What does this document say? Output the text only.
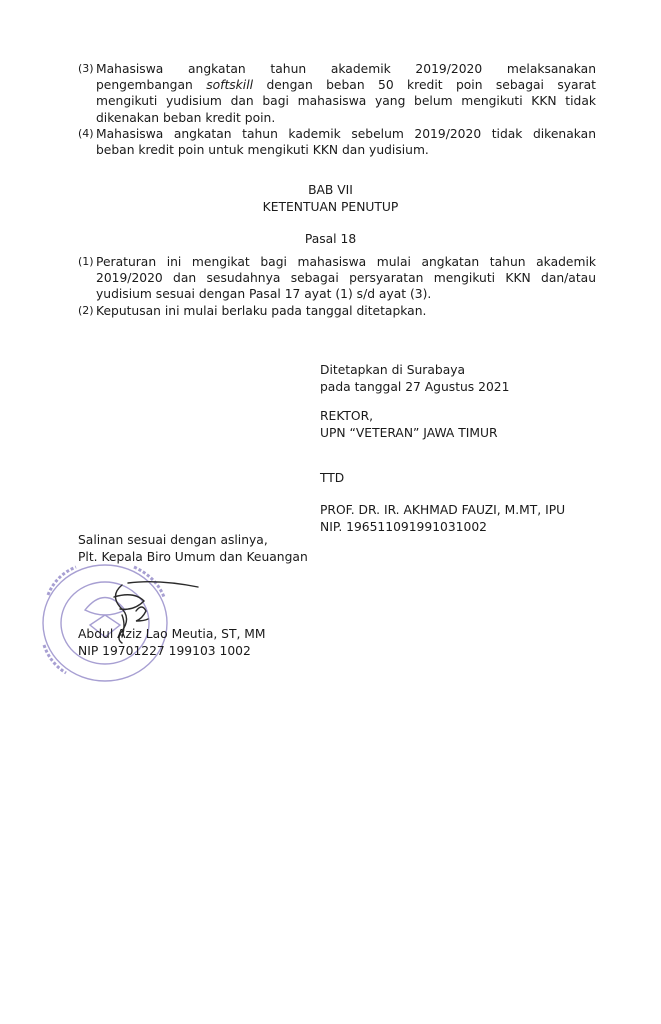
(3) Mahasiswa angkatan tahun akademik 2019/2020 melaksanakan

pengembangan softskill dengan beban 50 kredit poin sebagai syarat

mengikuti yudisium dan bagi mahasiswa yang belum mengikuti KKN tidak

dikenakan beban kredit poin.

(4) Mahasiswa angkatan tahun kademik sebelum 2019/2020 tidak dikenakan

beban kredit poin untuk mengikuti KKN dan yudisium.

BAB VII
KETENTUAN PENUTUP
Pasal 18
(1) Peraturan ini mengikat bagi mahasiswa mulai angkatan tahun akademik

2019/2020 dan sesudahnya sebagai persyaratan mengikuti KKN dan/atau

yudisium sesuai dengan Pasal 17 ayat (1) s/d ayat (3).

(2) Keputusan ini mulai berlaku pada tanggal ditetapkan.

Ditetapkan di Surabaya

pada tanggal 27 Agustus 2021

REKTOR,

UPN “VETERAN” JAWA TIMUR

TTD

PROF. DR. IR. AKHMAD FAUZI, M.MT, IPU

NIP. 196511091991031002

Salinan sesuai dengan aslinya,

Plt. Kepala Biro Umum dan Keuangan

Abdul Aziz Lao Meutia, ST, MM

NIP 19701227 199103 1002
